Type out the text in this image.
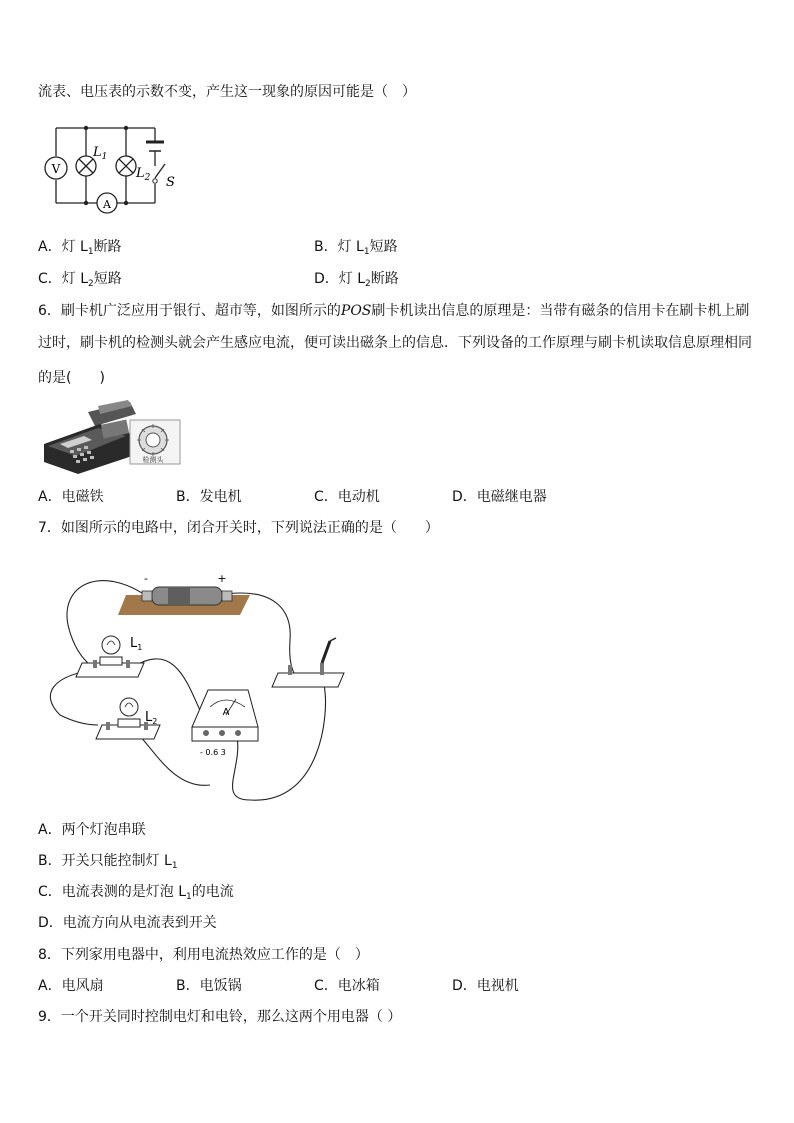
流表、电压表的示数不变，产生这一现象的原因可能是（　）
V
A
$L_1$
$L_2$ S
A．灯 $L_1$断路	B．灯 $L_1$短路
C．灯 $L_2$短路	D．灯 $L_2$断路
6．刷卡机广泛应用于银行、超市等，如图所示的POS刷卡机读出信息的原理是：当带有磁条的信用卡在刷卡机上刷
过时，刷卡机的检测头就会产生感应电流，便可读出磁条上的信息．下列设备的工作原理与刷卡机读取信息原理相同
的是(　　)
检测头
A．电磁铁	B．发电机	C．电动机	D．电磁继电器
7．如图所示的电路中，闭合开关时，下列说法正确的是（　　）
-	+
$L_1$
$L_2$
A
- 0.6 3
A．两个灯泡串联
B．开关只能控制灯 $L_1$
C．电流表测的是灯泡 $L_1$的电流
D．电流方向从电流表到开关
8．下列家用电器中，利用电流热效应工作的是（　）
A．电风扇	B．电饭锅	C．电冰箱	D．电视机
9．一个开关同时控制电灯和电铃，那么这两个用电器（ ）
